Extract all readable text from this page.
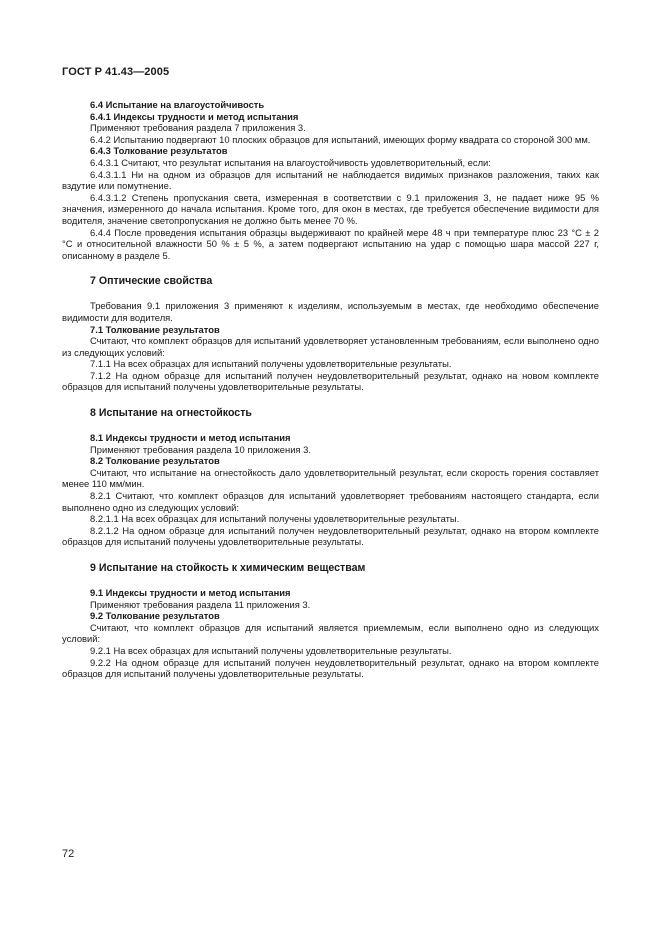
ГОСТ Р 41.43—2005
6.4 Испытание на влагоустойчивость
6.4.1 Индексы трудности и метод испытания

Применяют требования раздела 7 приложения 3.

6.4.2 Испытанию подвергают 10 плоских образцов для испытаний, имеющих форму квадрата со стороной 300 мм.

6.4.3 Толкование результатов

6.4.3.1 Считают, что результат испытания на влагоустойчивость удовлетворительный, если:

6.4.3.1.1 Ни на одном из образцов для испытаний не наблюдается видимых признаков разложения, таких как вздутие или помутнение.

6.4.3.1.2 Степень пропускания света, измеренная в соответствии с 9.1 приложения 3, не падает ниже 95 % значения, измеренного до начала испытания. Кроме того, для окон в местах, где требуется обеспечение видимости для водителя, значение светопропускания не должно быть менее 70 %.

6.4.4 После проведения испытания образцы выдерживают по крайней мере 48 ч при температуре плюс 23 °С ± 2 °С и относительной влажности 50 % ± 5 %, а затем подвергают испытанию на удар с помощью шара массой 227 г, описанному в разделе 5.

7 Оптические свойства

Требования 9.1 приложения 3 применяют к изделиям, используемым в местах, где необходимо обеспечение видимости для водителя.

7.1 Толкование результатов

Считают, что комплект образцов для испытаний удовлетворяет установленным требованиям, если выполнено одно из следующих условий:

7.1.1 На всех образцах для испытаний получены удовлетворительные результаты.

7.1.2 На одном образце для испытаний получен неудовлетворительный результат, однако на новом комплекте образцов для испытаний получены удовлетворительные результаты.

8 Испытание на огнестойкость
8.1 Индексы трудности и метод испытания

Применяют требования раздела 10 приложения 3.

8.2 Толкование результатов

Считают, что испытание на огнестойкость дало удовлетворительный результат, если скорость горения составляет менее 110 мм/мин.

8.2.1 Считают, что комплект образцов для испытаний удовлетворяет требованиям настоящего стандарта, если выполнено одно из следующих условий:

8.2.1.1 На всех образцах для испытаний получены удовлетворительные результаты.

8.2.1.2 На одном образце для испытаний получен неудовлетворительный результат, однако на втором комплекте образцов для испытаний получены удовлетворительные результаты.

9 Испытание на стойкость к химическим веществам
9.1 Индексы трудности и метод испытания

Применяют требования раздела 11 приложения 3.

9.2 Толкование результатов

Считают, что комплект образцов для испытаний является приемлемым, если выполнено одно из следующих условий:

9.2.1 На всех образцах для испытаний получены удовлетворительные результаты.

9.2.2 На одном образце для испытаний получен неудовлетворительный результат, однако на втором комплекте образцов для испытаний получены удовлетворительные результаты.

72
